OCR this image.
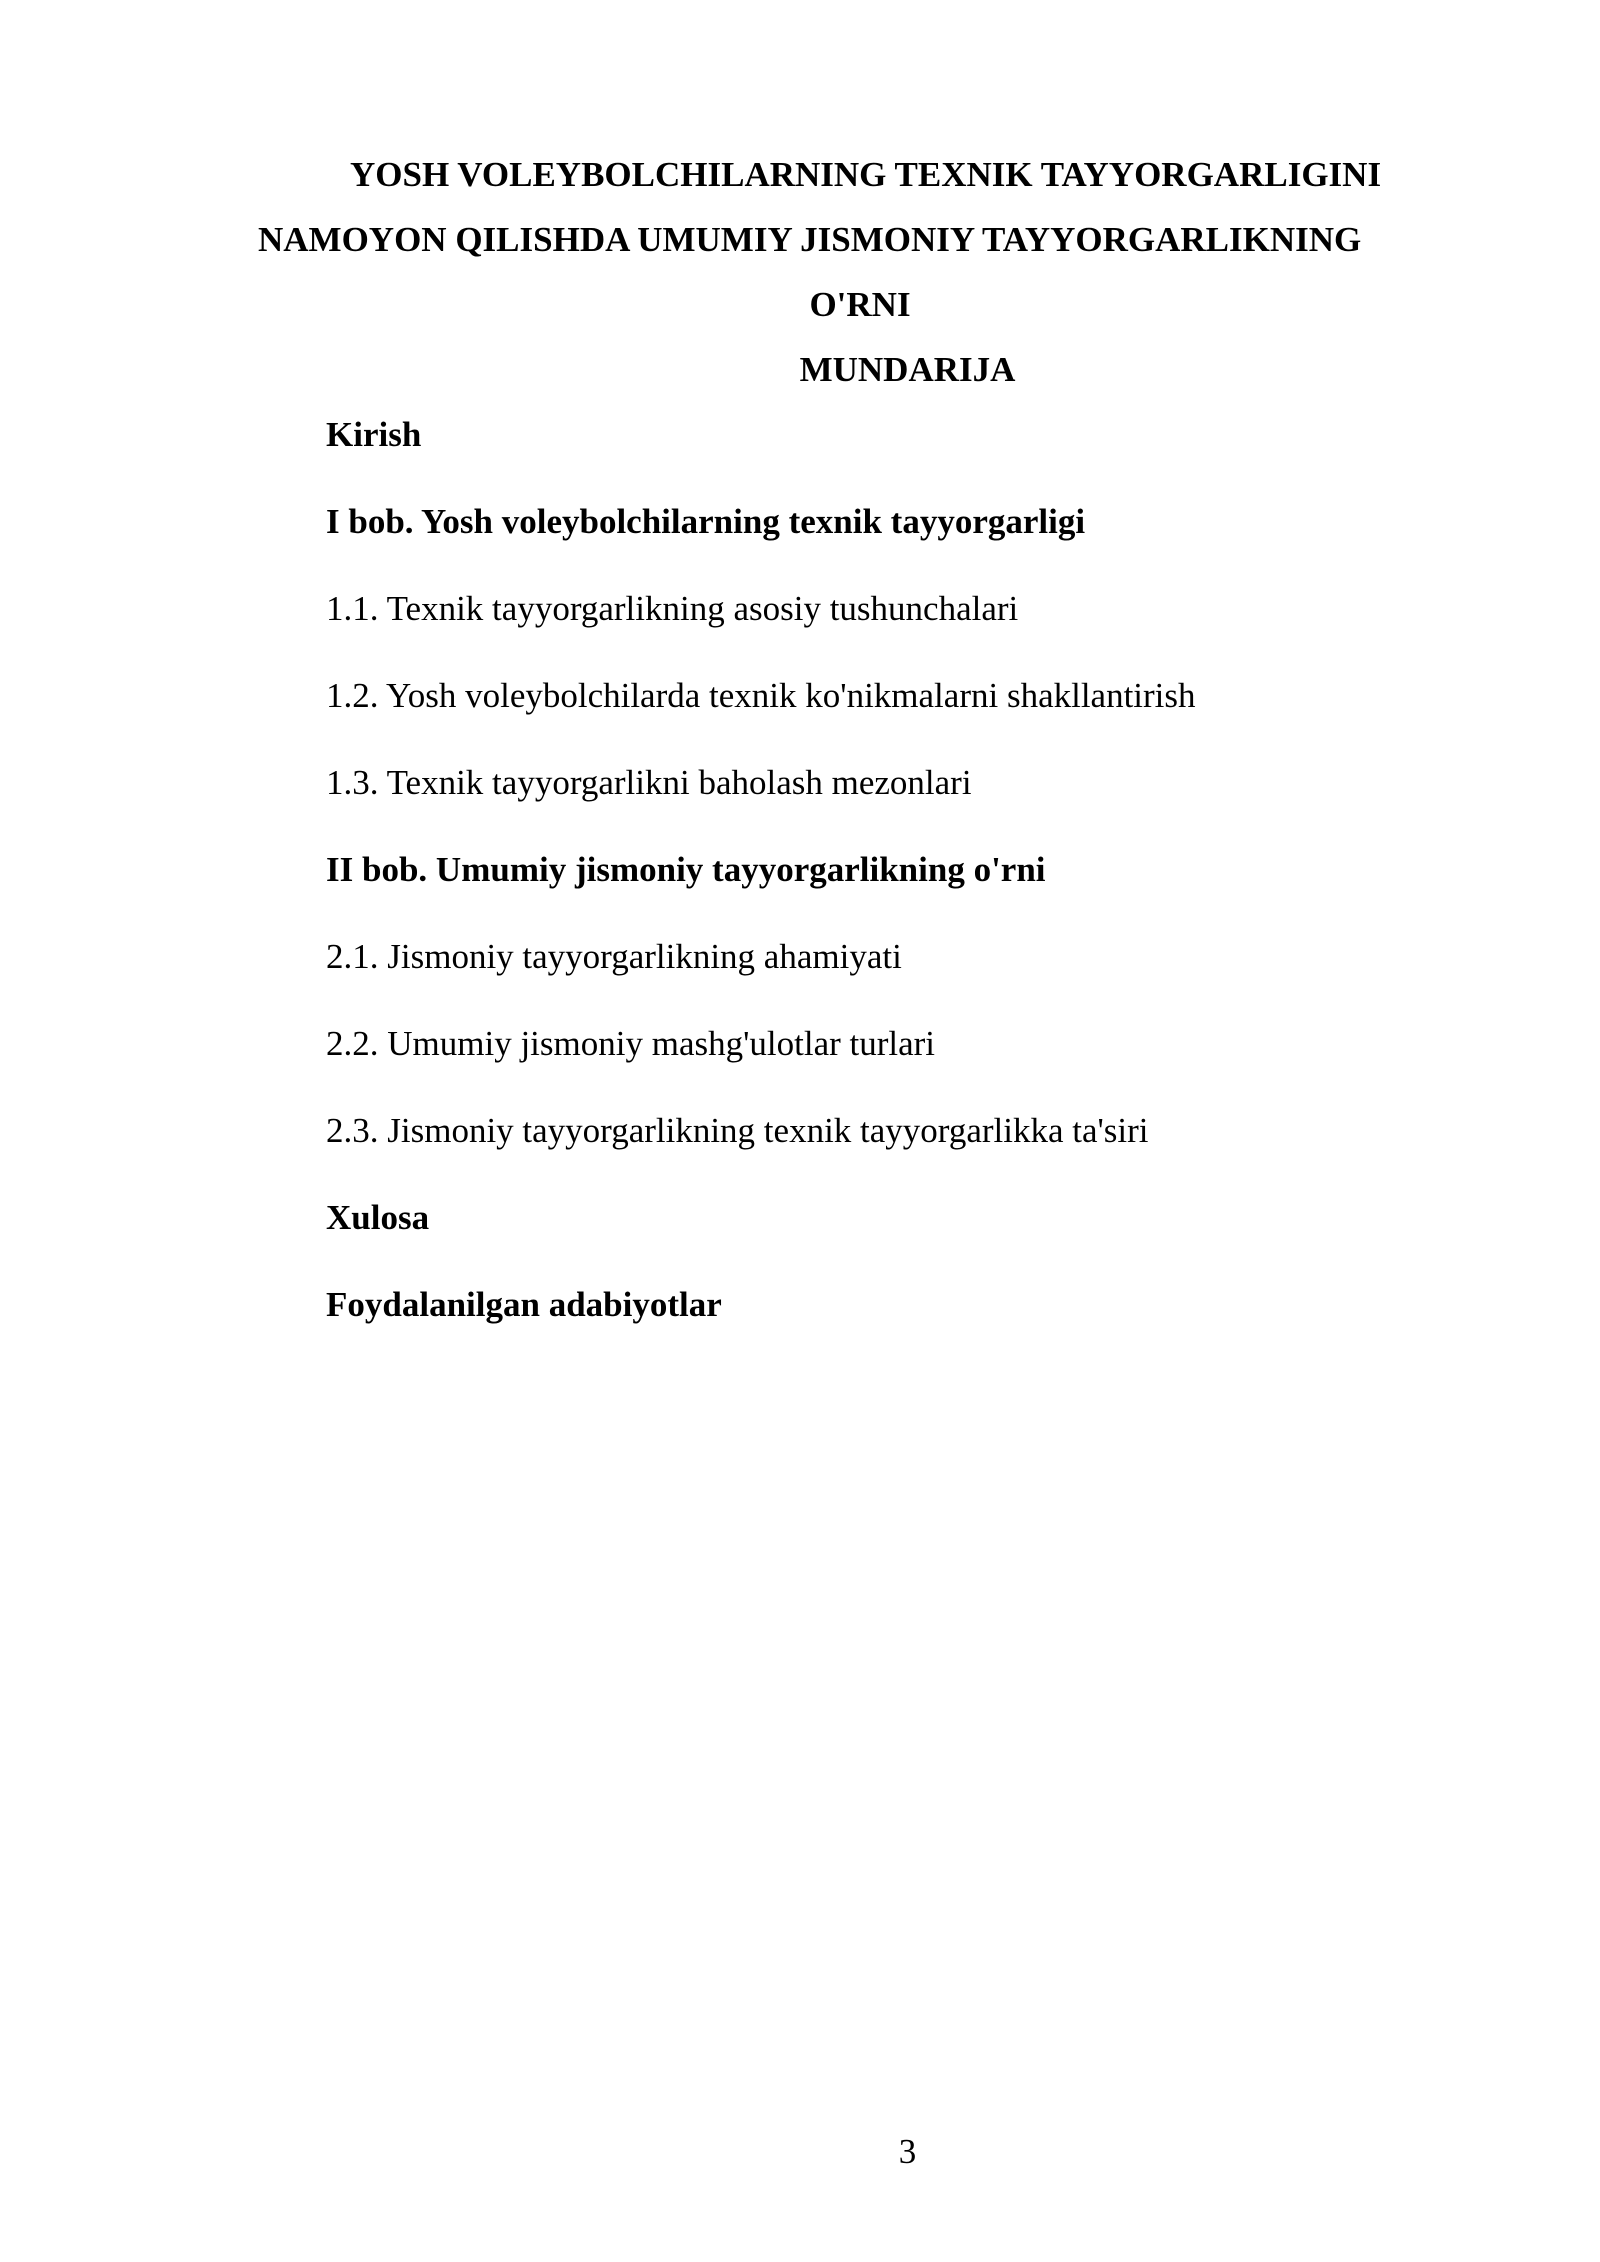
YOSH VOLEYBOLCHILARNING TEXNIK TAYYORGARLIGINI
NAMOYON QILISHDA UMUMIY JISMONIY TAYYORGARLIKNING
O'RNI
MUNDARIJA
Kirish
I bob. Yosh voleybolchilarning texnik tayyorgarligi
1.1. Texnik tayyorgarlikning asosiy tushunchalari
1.2. Yosh voleybolchilarda texnik ko'nikmalarni shakllantirish
1.3. Texnik tayyorgarlikni baholash mezonlari
II bob. Umumiy jismoniy tayyorgarlikning o'rni
2.1. Jismoniy tayyorgarlikning ahamiyati
2.2. Umumiy jismoniy mashg'ulotlar turlari
2.3. Jismoniy tayyorgarlikning texnik tayyorgarlikka ta'siri
Xulosa
Foydalanilgan adabiyotlar
3
